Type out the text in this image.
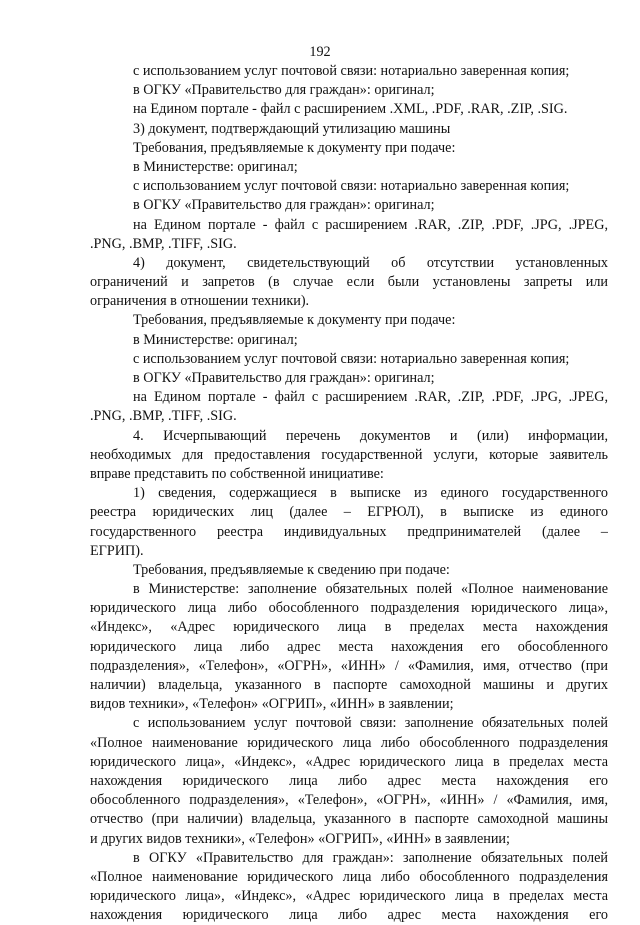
192
с использованием услуг почтовой связи: нотариально заверенная копия;
в ОГКУ «Правительство для граждан»: оригинал;
на Едином портале - файл с расширением .XML, .PDF, .RAR, .ZIP, .SIG.
3) документ, подтверждающий утилизацию машины
Требования, предъявляемые к документу при подаче:
в Министерстве: оригинал;
с использованием услуг почтовой связи: нотариально заверенная копия;
в ОГКУ «Правительство для граждан»: оригинал;
на Едином портале - файл с расширением .RAR, .ZIP, .PDF, .JPG, .JPEG,
.PNG, .BMP, .TIFF, .SIG.
4) документ, свидетельствующий об отсутствии установленных
ограничений и запретов (в случае если были установлены запреты или
ограничения в отношении техники).
Требования, предъявляемые к документу при подаче:
в Министерстве: оригинал;
с использованием услуг почтовой связи: нотариально заверенная копия;
в ОГКУ «Правительство для граждан»: оригинал;
на Едином портале - файл с расширением .RAR, .ZIP, .PDF, .JPG, .JPEG,
.PNG, .BMP, .TIFF, .SIG.
4. Исчерпывающий перечень документов и (или) информации,
необходимых для предоставления государственной услуги, которые заявитель
вправе представить по собственной инициативе:
1) сведения, содержащиеся в выписке из единого государственного
реестра юридических лиц (далее – ЕГРЮЛ), в выписке из единого
государственного реестра индивидуальных предпринимателей (далее –
ЕГРИП).
Требования, предъявляемые к сведению при подаче:
в Министерстве: заполнение обязательных полей «Полное наименование
юридического лица либо обособленного подразделения юридического лица»,
«Индекс», «Адрес юридического лица в пределах места нахождения
юридического лица либо адрес места нахождения его обособленного
подразделения», «Телефон», «ОГРН», «ИНН» / «Фамилия, имя, отчество (при
наличии) владельца, указанного в паспорте самоходной машины и других
видов техники», «Телефон» «ОГРИП», «ИНН» в заявлении;
с использованием услуг почтовой связи: заполнение обязательных полей
«Полное наименование юридического лица либо обособленного подразделения
юридического лица», «Индекс», «Адрес юридического лица в пределах места
нахождения юридического лица либо адрес места нахождения его
обособленного подразделения», «Телефон», «ОГРН», «ИНН» / «Фамилия, имя,
отчество (при наличии) владельца, указанного в паспорте самоходной машины
и других видов техники», «Телефон» «ОГРИП», «ИНН» в заявлении;
в ОГКУ «Правительство для граждан»: заполнение обязательных полей
«Полное наименование юридического лица либо обособленного подразделения
юридического лица», «Индекс», «Адрес юридического лица в пределах места
нахождения юридического лица либо адрес места нахождения его
